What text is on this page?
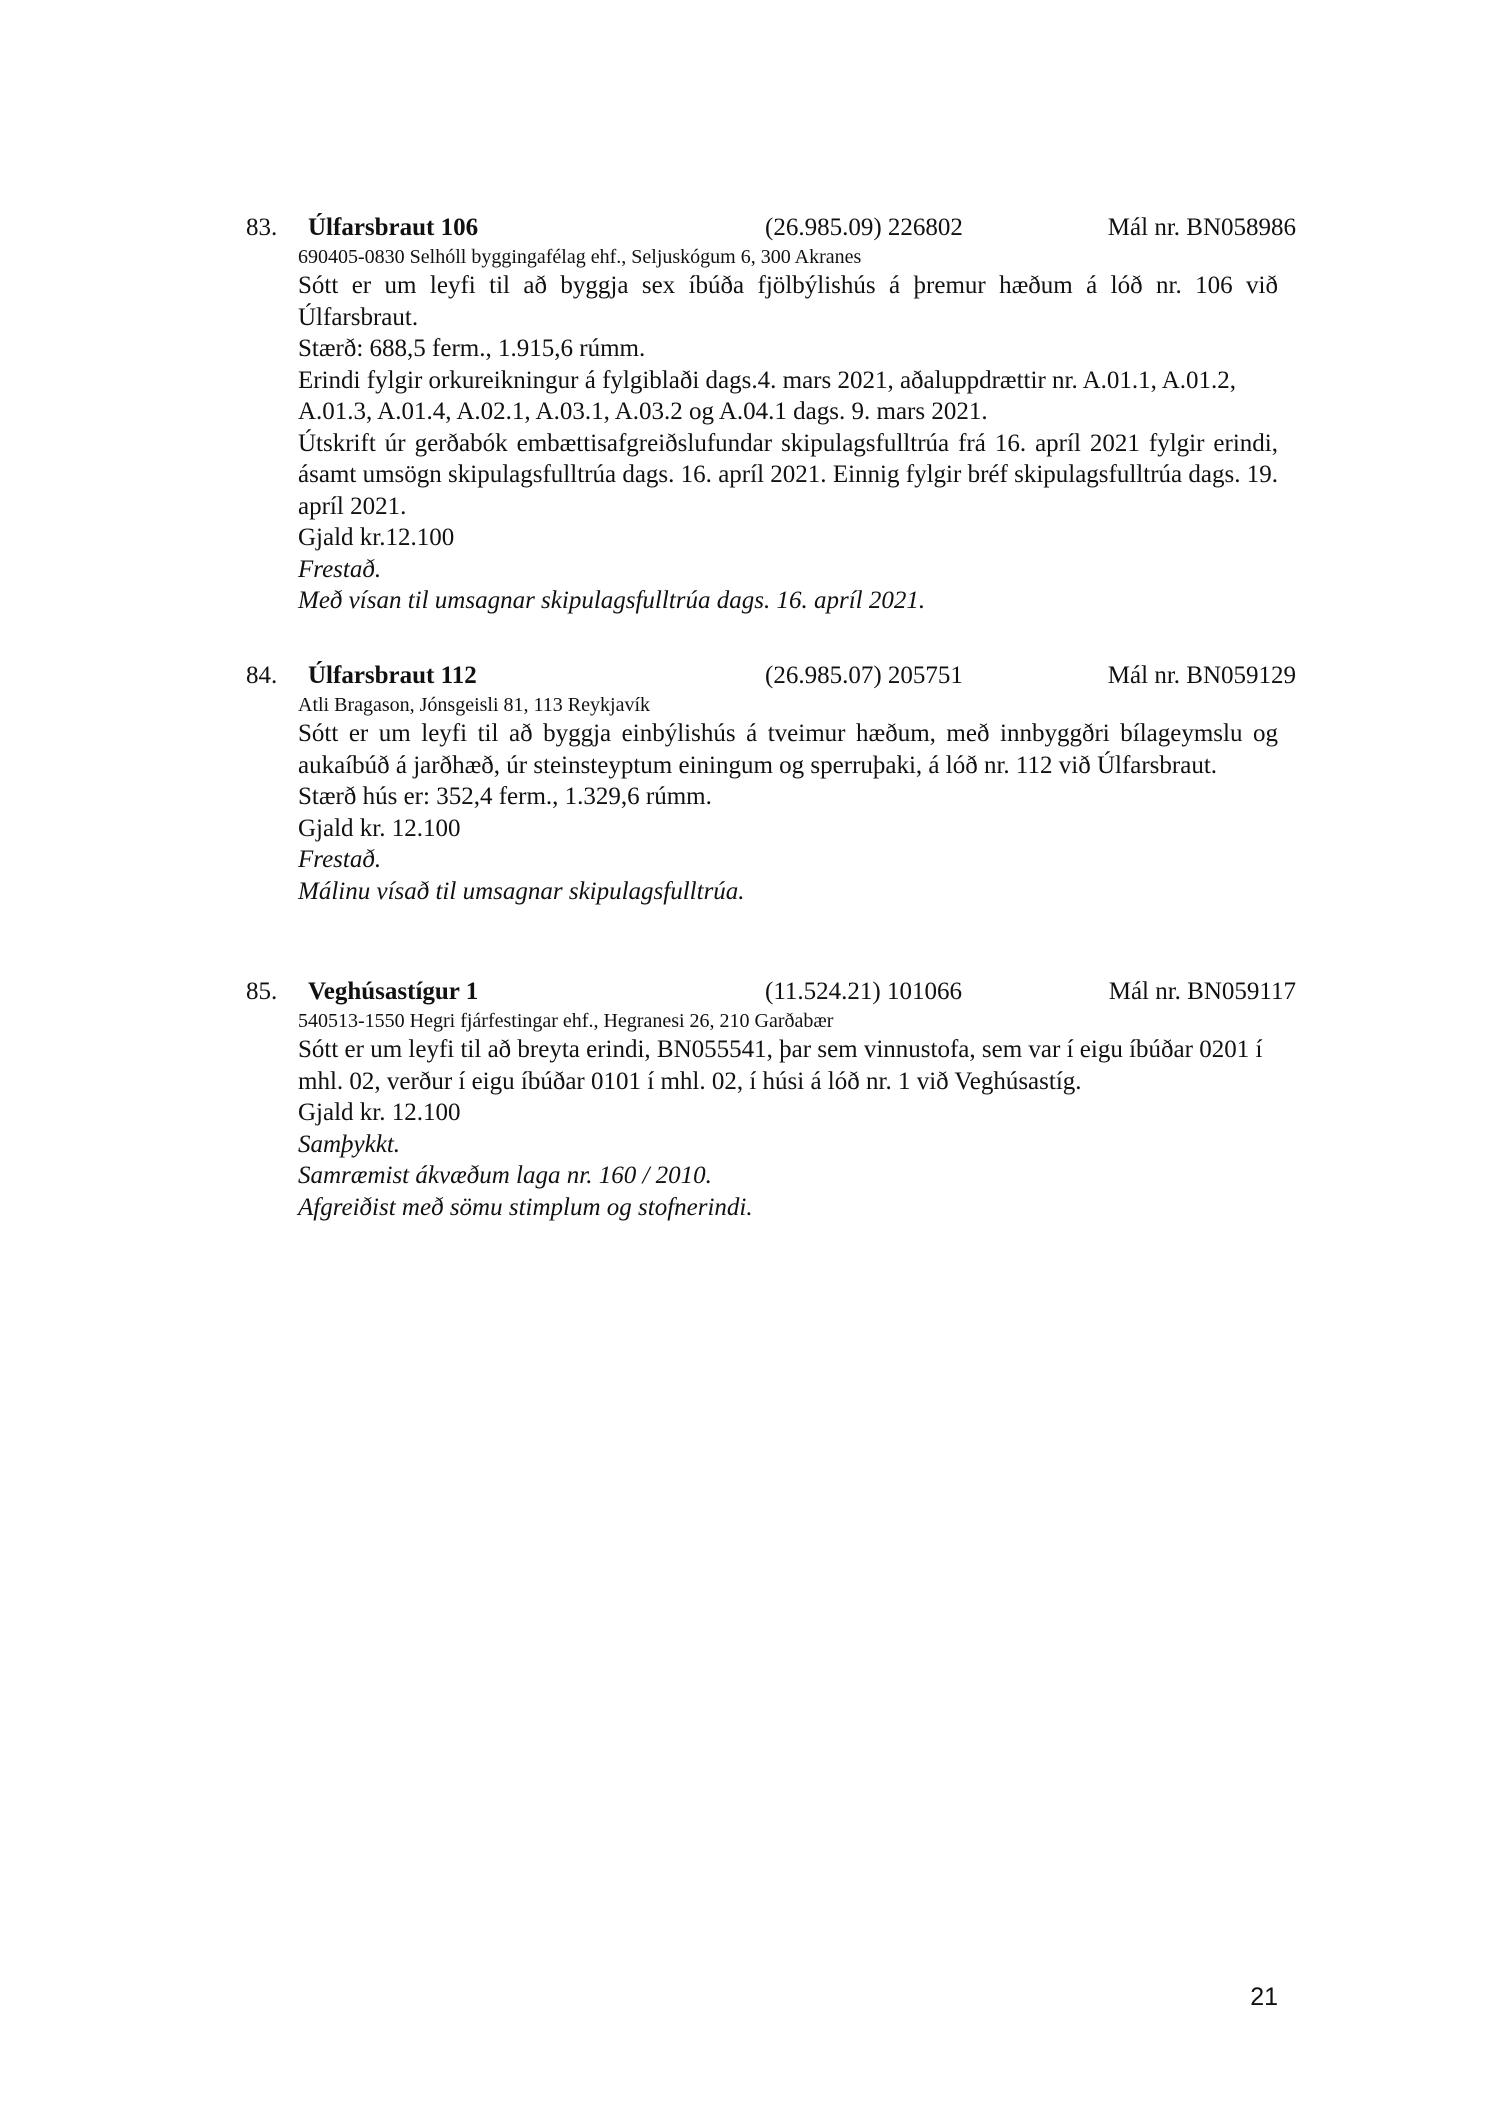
83. Úlfarsbraut 106	(26.985.09) 226802	Mál nr. BN058986
690405-0830 Selhóll byggingafélag ehf., Seljuskógum 6, 300 Akranes

Sótt er um leyfi til að byggja sex íbúða fjölbýlishús á þremur hæðum á lóð nr. 106 við Úlfarsbraut.

Stærð: 688,5 ferm., 1.915,6 rúmm.

Erindi fylgir orkureikningur á fylgiblaði dags.4. mars 2021, aðaluppdrættir nr. A.01.1, A.01.2, A.01.3, A.01.4, A.02.1, A.03.1, A.03.2 og A.04.1 dags. 9. mars 2021.

Útskrift úr gerðabók embættisafgreiðslufundar skipulagsfulltrúa frá 16. apríl 2021 fylgir erindi, ásamt umsögn skipulagsfulltrúa dags. 16. apríl 2021. Einnig fylgir bréf skipulagsfulltrúa dags. 19. apríl 2021.

Gjald kr.12.100

Frestað.

Með vísan til umsagnar skipulagsfulltrúa dags. 16. apríl 2021.

84. Úlfarsbraut 112	(26.985.07) 205751	Mál nr. BN059129
Atli Bragason, Jónsgeisli 81, 113 Reykjavík

Sótt er um leyfi til að byggja einbýlishús á tveimur hæðum, með innbyggðri bílageymslu og aukaíbúð á jarðhæð, úr steinsteyptum einingum og sperruþaki, á lóð nr. 112 við Úlfarsbraut.

Stærð hús er: 352,4 ferm., 1.329,6 rúmm.

Gjald kr. 12.100

Frestað.

Málinu vísað til umsagnar skipulagsfulltrúa.

85. Veghúsastígur 1	(11.524.21) 101066	Mál nr. BN059117
540513-1550 Hegri fjárfestingar ehf., Hegranesi 26, 210 Garðabær

Sótt er um leyfi til að breyta erindi, BN055541, þar sem vinnustofa, sem var í eigu íbúðar 0201 í mhl. 02, verður í eigu íbúðar 0101 í mhl. 02, í húsi á lóð nr. 1 við Veghúsastíg.

Gjald kr. 12.100

Samþykkt.

Samræmist ákvæðum laga nr. 160 / 2010.

Afgreiðist með sömu stimplum og stofnerindi.

21
